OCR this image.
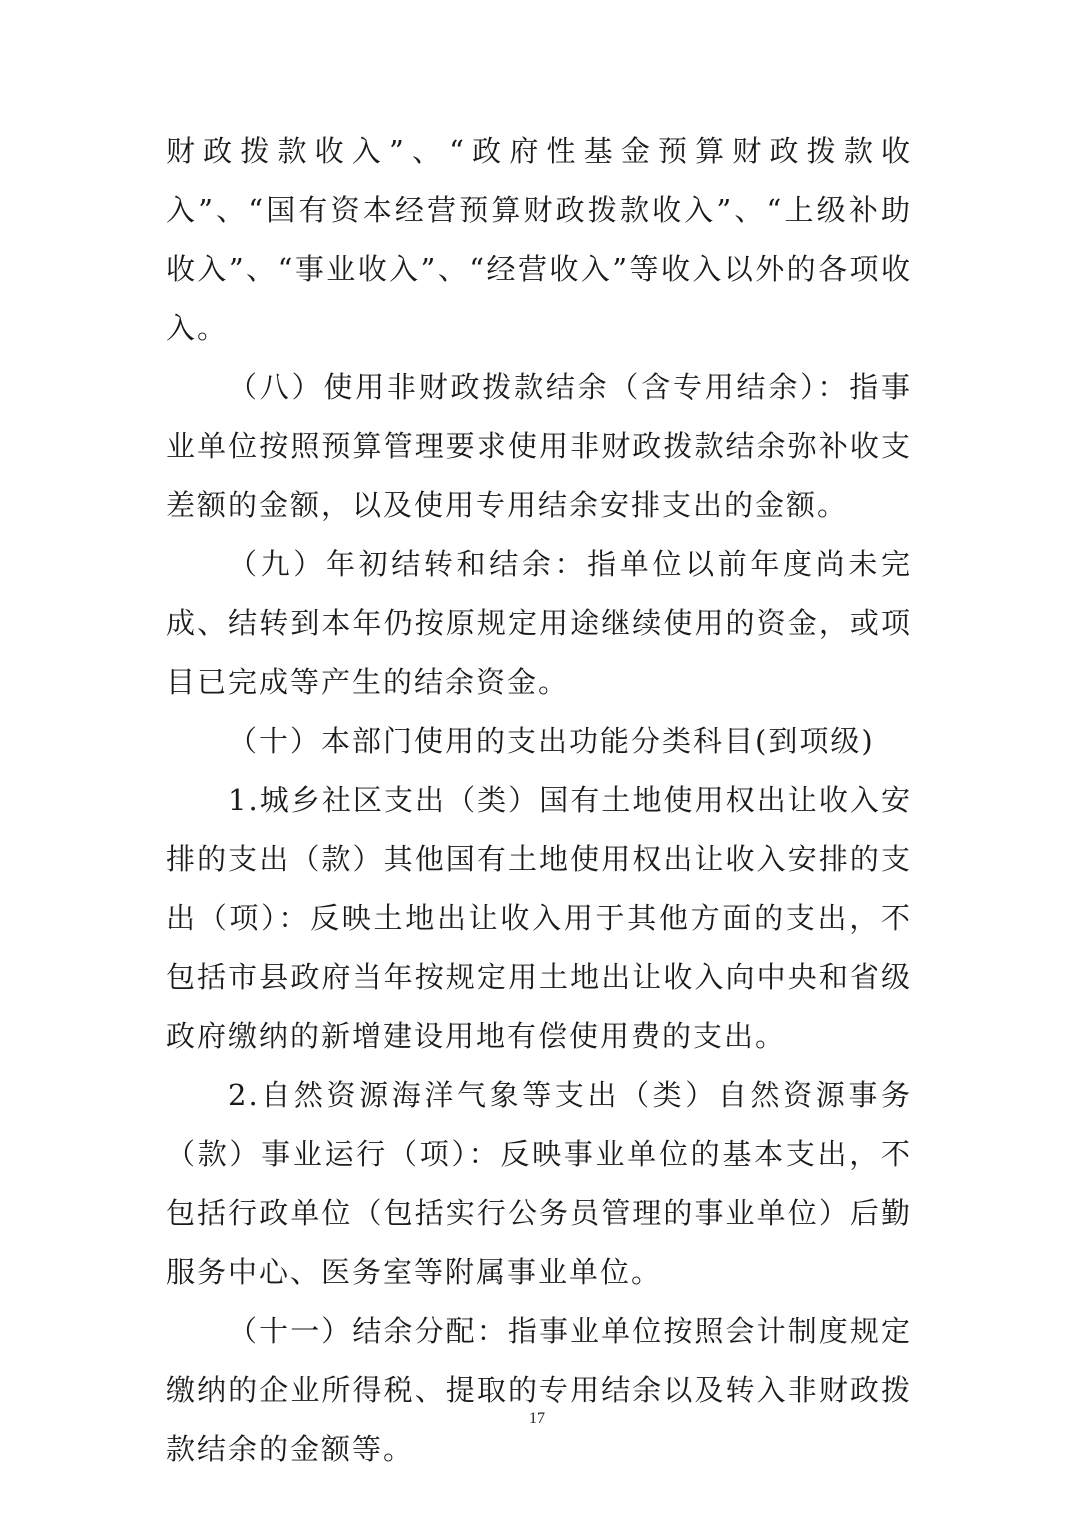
财政拨款收入”、“政府性基金预算财政拨款收入”、“国有资本经营预算财政拨款收入”、“上级补助收入”、“事业收入”、“经营收入”等收入以外的各项收入。

（八）使用非财政拨款结余（含专用结余）：指事业单位按照预算管理要求使用非财政拨款结余弥补收支差额的金额，以及使用专用结余安排支出的金额。

（九）年初结转和结余：指单位以前年度尚未完成、结转到本年仍按原规定用途继续使用的资金，或项目已完成等产生的结余资金。

（十）本部门使用的支出功能分类科目(到项级)

1.城乡社区支出（类）国有土地使用权出让收入安排的支出（款）其他国有土地使用权出让收入安排的支出（项）：反映土地出让收入用于其他方面的支出，不包括市县政府当年按规定用土地出让收入向中央和省级政府缴纳的新增建设用地有偿使用费的支出。

2.自然资源海洋气象等支出（类）自然资源事务（款）事业运行（项）：反映事业单位的基本支出，不包括行政单位（包括实行公务员管理的事业单位）后勤服务中心、医务室等附属事业单位。

（十一）结余分配：指事业单位按照会计制度规定缴纳的企业所得税、提取的专用结余以及转入非财政拨款结余的金额等。

17
